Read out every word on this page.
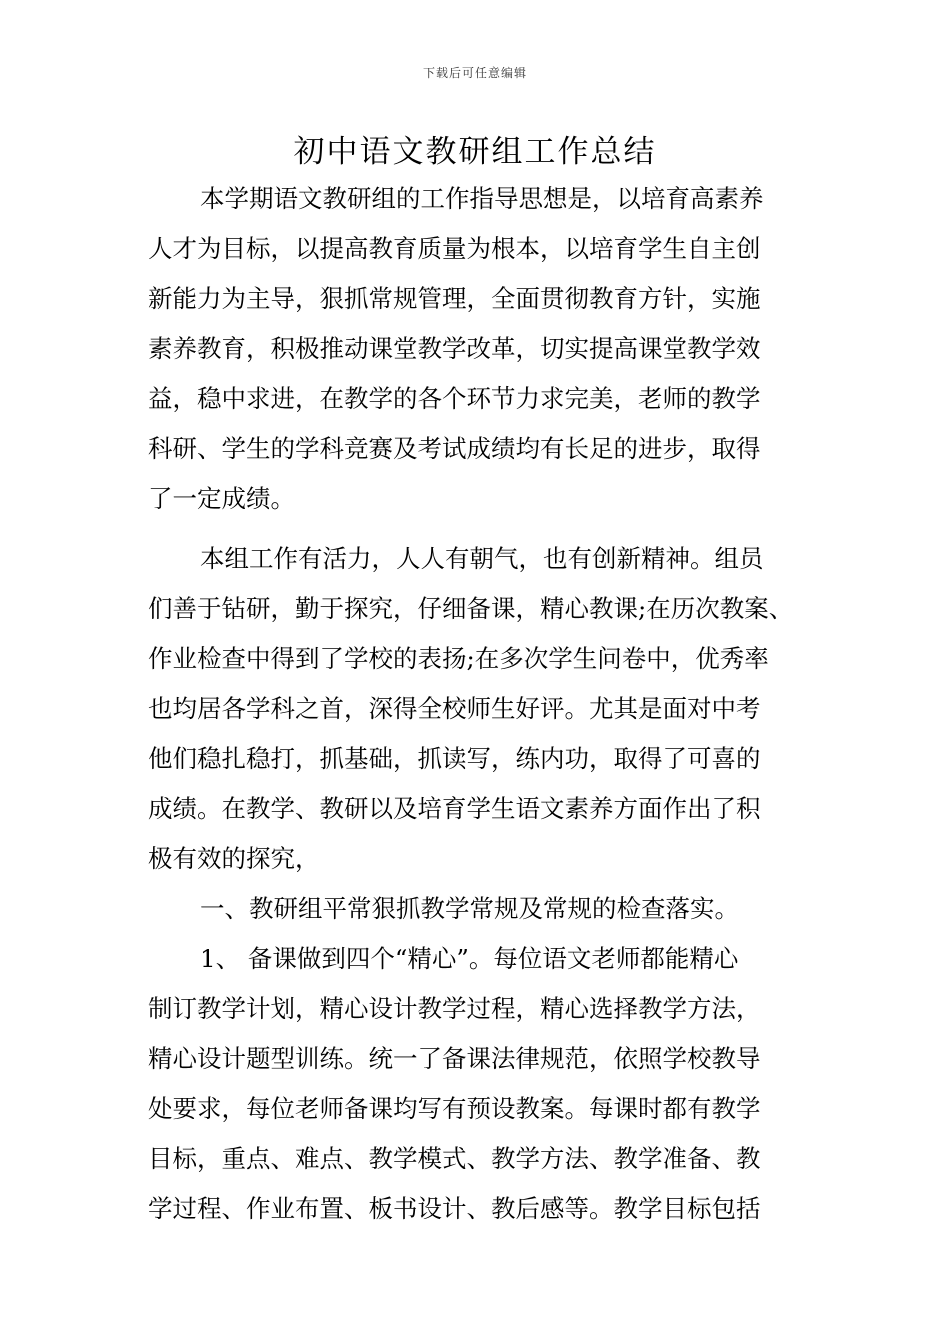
下载后可任意编辑
初中语文教研组工作总结
本学期语文教研组的工作指导思想是，以培育高素养
人才为目标，以提高教育质量为根本，以培育学生自主创
新能力为主导，狠抓常规管理，全面贯彻教育方针，实施
素养教育，积极推动课堂教学改革，切实提高课堂教学效
益，稳中求进，在教学的各个环节力求完美，老师的教学
科研、学生的学科竞赛及考试成绩均有长足的进步，取得
了一定成绩。
本组工作有活力，人人有朝气，也有创新精神。组员
们善于钻研，勤于探究，仔细备课，精心教课;在历次教案、
作业检查中得到了学校的表扬;在多次学生问卷中，优秀率
也均居各学科之首，深得全校师生好评。尤其是面对中考
他们稳扎稳打，抓基础，抓读写，练内功，取得了可喜的
成绩。在教学、教研以及培育学生语文素养方面作出了积
极有效的探究，
一、教研组平常狠抓教学常规及常规的检查落实。
1、 备课做到四个“精心”。每位语文老师都能精心
制订教学计划，精心设计教学过程，精心选择教学方法，
精心设计题型训练。统一了备课法律规范，依照学校教导
处要求，每位老师备课均写有预设教案。每课时都有教学
目标，重点、难点、教学模式、教学方法、教学准备、教
学过程、作业布置、板书设计、教后感等。教学目标包括
